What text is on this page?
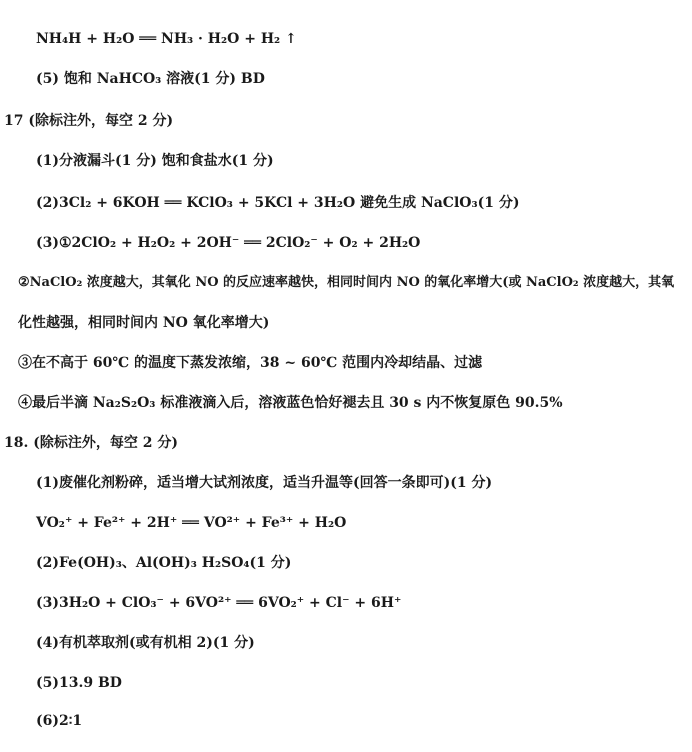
NH₄H + H₂O ══ NH₃ · H₂O + H₂ ↑
(5) 饱和 NaHCO₃ 溶液(1 分) BD
17 (除标注外，每空 2 分)
(1)分液漏斗(1 分) 饱和食盐水(1 分)
(2)3Cl₂ + 6KOH ══ KClO₃ + 5KCl + 3H₂O 避免生成 NaClO₃(1 分)
(3)①2ClO₂ + H₂O₂ + 2OH⁻ ══ 2ClO₂⁻ + O₂ + 2H₂O
②NaClO₂ 浓度越大，其氧化 NO 的反应速率越快，相同时间内 NO 的氧化率增大(或 NaClO₂ 浓度越大，其氧
化性越强，相同时间内 NO 氧化率增大)
③在不高于 60℃ 的温度下蒸发浓缩，38 ~ 60℃ 范围内冷却结晶、过滤
④最后半滴 Na₂S₂O₃ 标准液滴入后，溶液蓝色恰好褪去且 30 s 内不恢复原色 90.5%
18. (除标注外，每空 2 分)
(1)废催化剂粉碎，适当增大试剂浓度，适当升温等(回答一条即可)(1 分)
VO₂⁺ + Fe²⁺ + 2H⁺ ══ VO²⁺ + Fe³⁺ + H₂O
(2)Fe(OH)₃、Al(OH)₃ H₂SO₄(1 分)
(3)3H₂O + ClO₃⁻ + 6VO²⁺ ══ 6VO₂⁺ + Cl⁻ + 6H⁺
(4)有机萃取剂(或有机相 2)(1 分)
(5)13.9 BD
(6)2∶1
